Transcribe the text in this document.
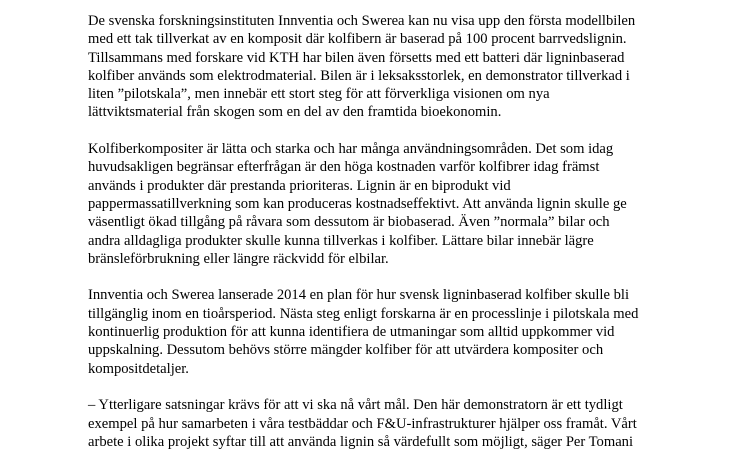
De svenska forskningsinstituten Innventia och Swerea kan nu visa upp den första modellbilen
med ett tak tillverkat av en komposit där kolfibern är baserad på 100 procent barrvedslignin.
Tillsammans med forskare vid KTH har bilen även försetts med ett batteri där ligninbaserad
kolfiber används som elektrodmaterial. Bilen är i leksaksstorlek, en demonstrator tillverkad i
liten ”pilotskala”, men innebär ett stort steg för att förverkliga visionen om nya
lättviktsmaterial från skogen som en del av den framtida bioekonomin.

Kolfiberkompositer är lätta och starka och har många användningsområden. Det som idag
huvudsakligen begränsar efterfrågan är den höga kostnaden varför kolfibrer idag främst
används i produkter där prestanda prioriteras. Lignin är en biprodukt vid
pappermassatillverkning som kan produceras kostnadseffektivt. Att använda lignin skulle ge
väsentligt ökad tillgång på råvara som dessutom är biobaserad. Även ”normala” bilar och
andra alldagliga produkter skulle kunna tillverkas i kolfiber. Lättare bilar innebär lägre
bränsleförbrukning eller längre räckvidd för elbilar.

Innventia och Swerea lanserade 2014 en plan för hur svensk ligninbaserad kolfiber skulle bli
tillgänglig inom en tioårsperiod. Nästa steg enligt forskarna är en processlinje i pilotskala med
kontinuerlig produktion för att kunna identifiera de utmaningar som alltid uppkommer vid
uppskalning. Dessutom behövs större mängder kolfiber för att utvärdera kompositer och
kompositdetaljer.

– Ytterligare satsningar krävs för att vi ska nå vårt mål. Den här demonstratorn är ett tydligt
exempel på hur samarbeten i våra testbäddar och F&U-infrastrukturer hjälper oss framåt. Vårt
arbete i olika projekt syftar till att använda lignin så värdefullt som möjligt, säger Per Tomani
